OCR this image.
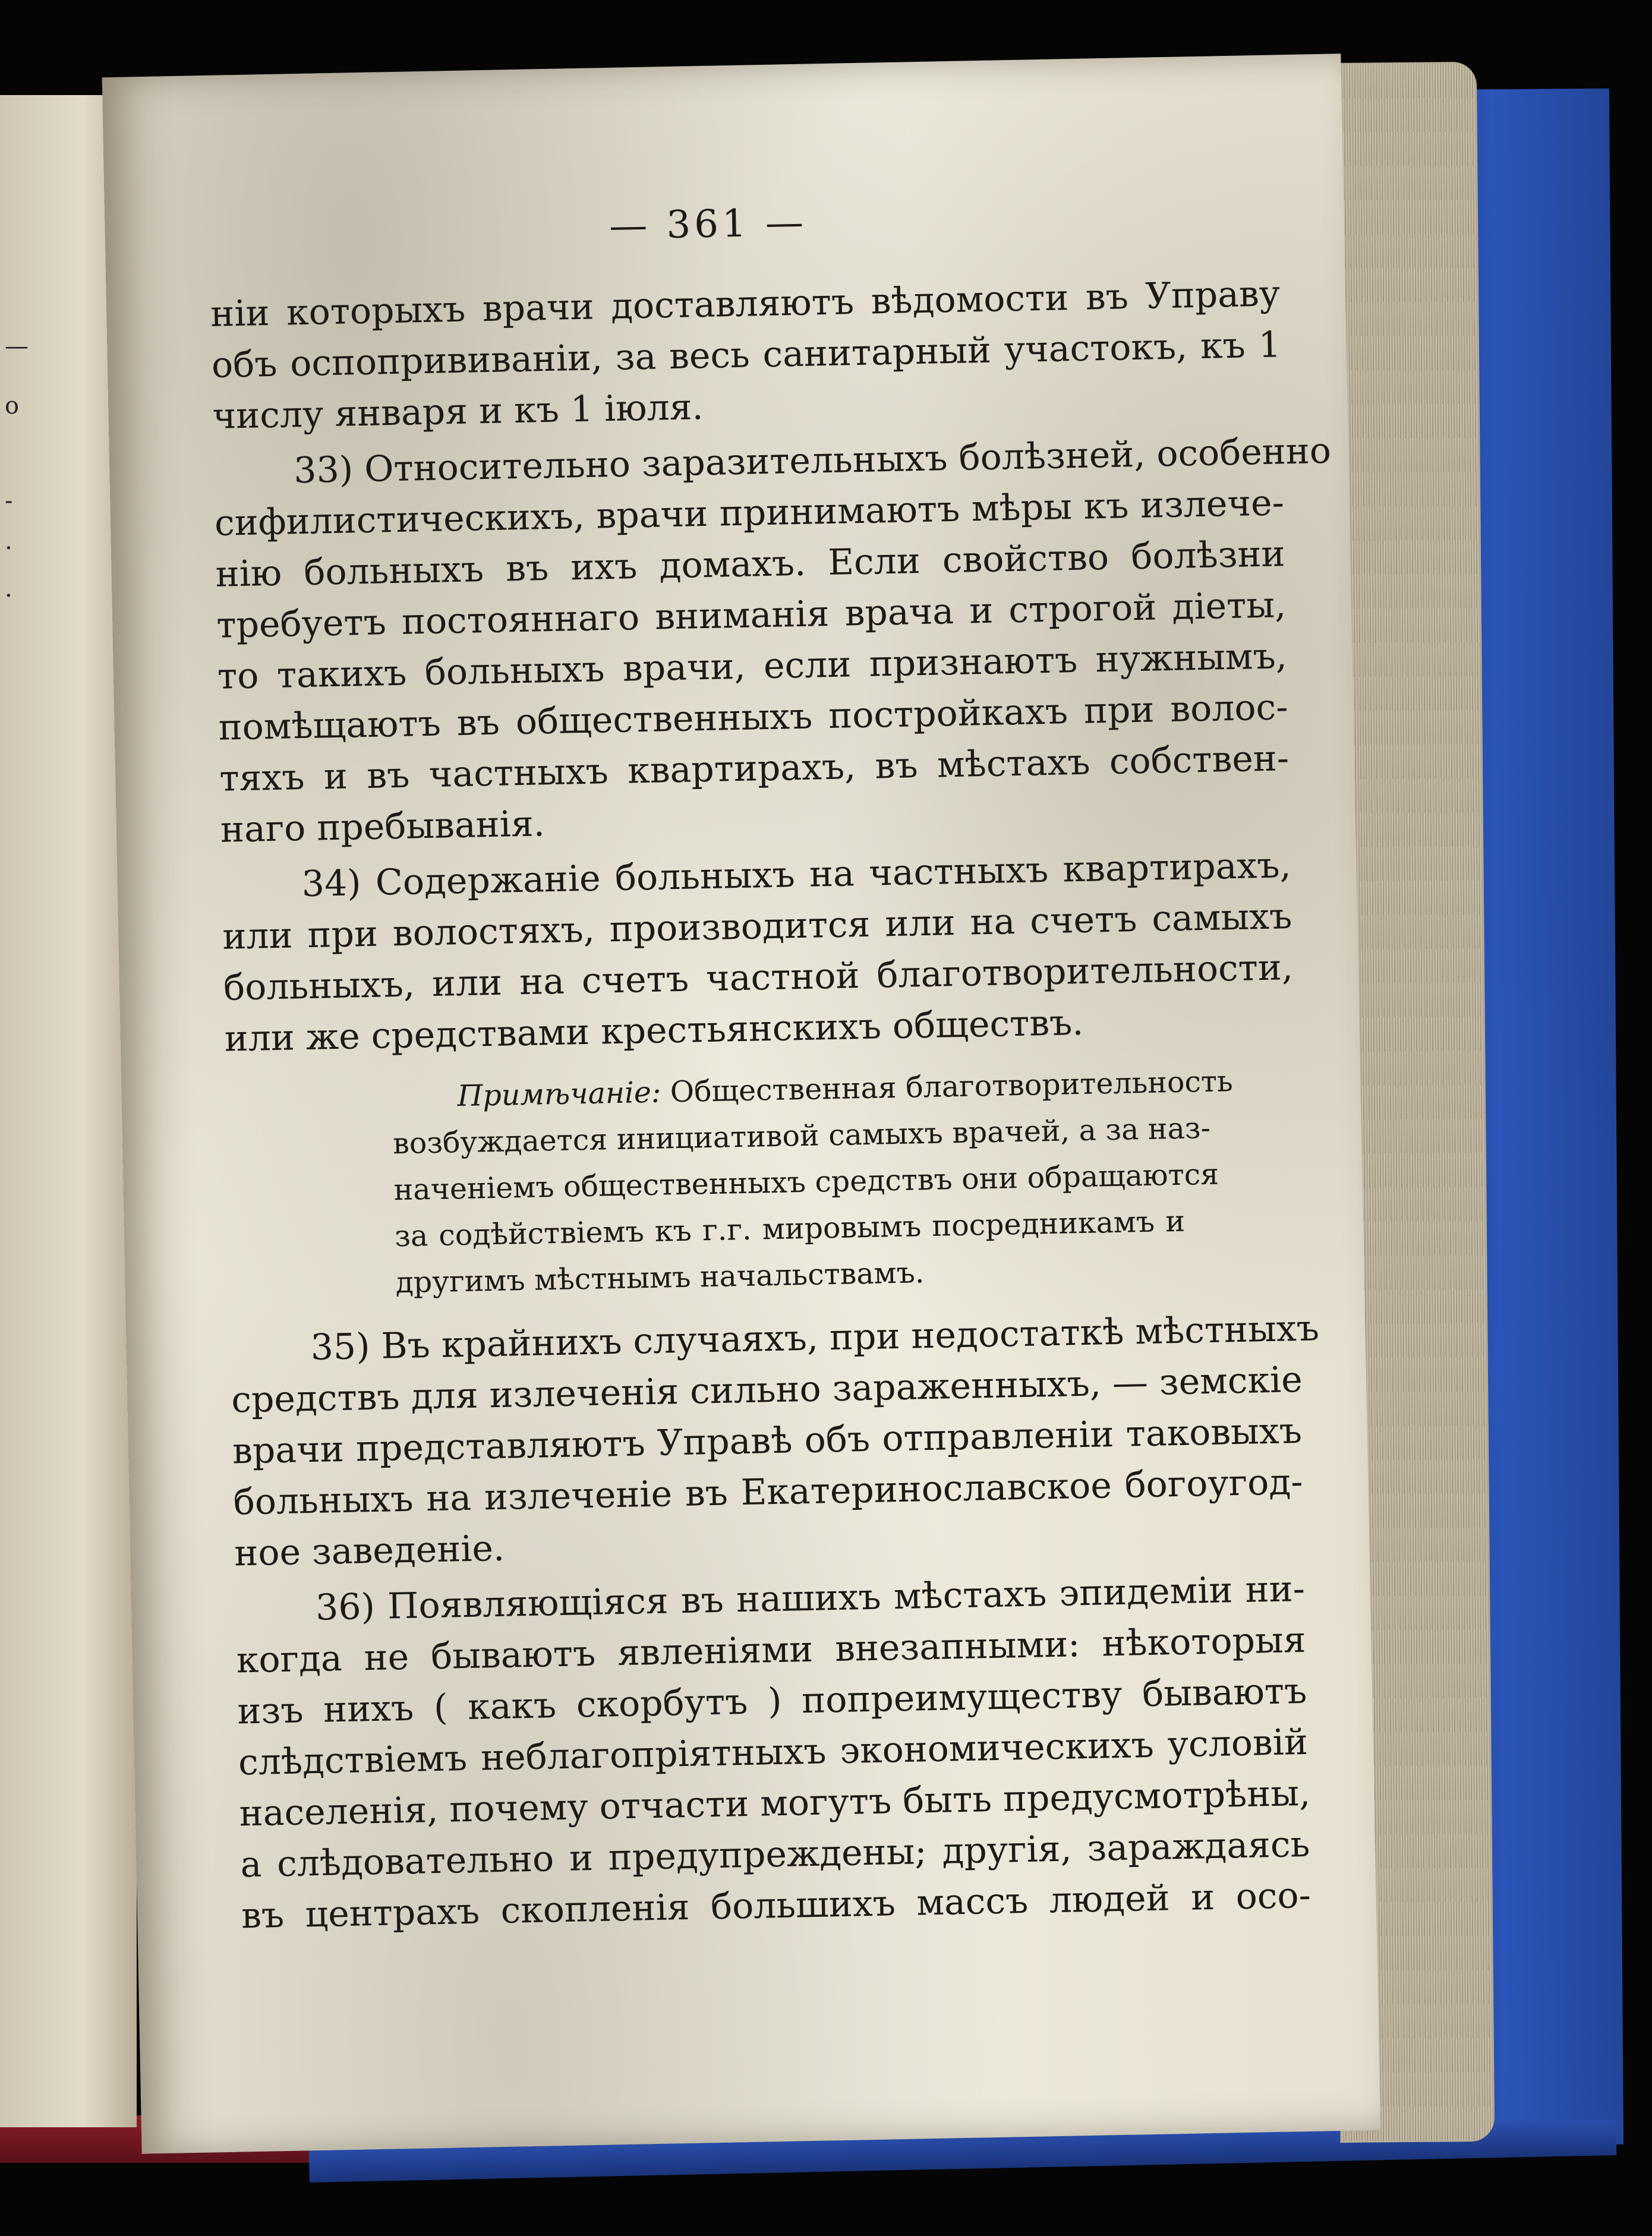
—
о
-
·
·
— 361 —
нiи которыхъ врачи доставляютъ вѣдомости въ Управу
объ оспопрививанiи, за весь санитарный участокъ, къ 1
числу января и къ 1 iюля.
33) Относительно заразительныхъ болѣзней, особенно
сифилистическихъ, врачи принимаютъ мѣры къ излече-
нiю больныхъ въ ихъ домахъ. Если свойство болѣзни
требуетъ постояннаго вниманiя врача и строгой дiеты,
то такихъ больныхъ врачи, если признаютъ нужнымъ,
помѣщаютъ въ общественныхъ постройкахъ при волос-
тяхъ и въ частныхъ квартирахъ, въ мѣстахъ собствен-
наго пребыванiя.
34) Содержанiе больныхъ на частныхъ квартирахъ,
или при волостяхъ, производится или на счетъ самыхъ
больныхъ, или на счетъ частной благотворительности,
или же средствами крестьянскихъ обществъ.
Примѣчанiе: Общественная благотворительность
возбуждается инициативой самыхъ врачей, а за наз-
наченiемъ общественныхъ средствъ они обращаются
за содѣйствiемъ къ г.г. мировымъ посредникамъ и
другимъ мѣстнымъ начальствамъ.
35) Въ крайнихъ случаяхъ, при недостаткѣ мѣстныхъ
средствъ для излеченiя сильно зараженныхъ, — земскiе
врачи представляютъ Управѣ объ отправленiи таковыхъ
больныхъ на излеченiе въ Екатеринославское богоугод-
ное заведенiе.
36) Появляющiяся въ нашихъ мѣстахъ эпидемiи ни-
когда не бываютъ явленiями внезапными: нѣкоторыя
изъ нихъ ( какъ скорбутъ ) попреимуществу бываютъ
слѣдствiемъ неблагопрiятныхъ экономическихъ условiй
населенiя, почему отчасти могутъ быть предусмотрѣны,
а слѣдовательно и предупреждены; другiя, зараждаясь
въ центрахъ скопленiя большихъ массъ людей и осо-
